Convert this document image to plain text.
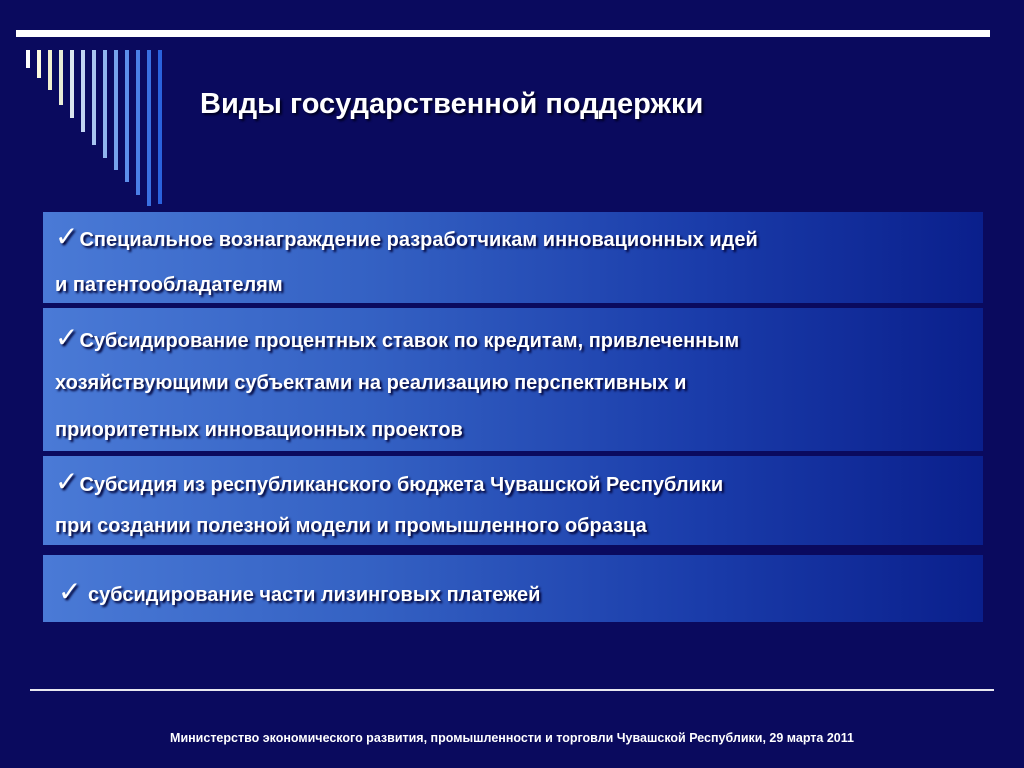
Виды государственной поддержки
✓Специальное вознаграждение разработчикам инновационных идей
и патентообладателям
✓Субсидирование процентных ставок по кредитам, привлеченным
хозяйствующими субъектами на реализацию перспективных и
приоритетных инновационных проектов
✓Субсидия из республиканского бюджета Чувашской Республики
при создании полезной модели и промышленного образца
✓ субсидирование части лизинговых платежей
Министерство экономического развития, промышленности и торговли Чувашской Республики, 29 марта 2011
